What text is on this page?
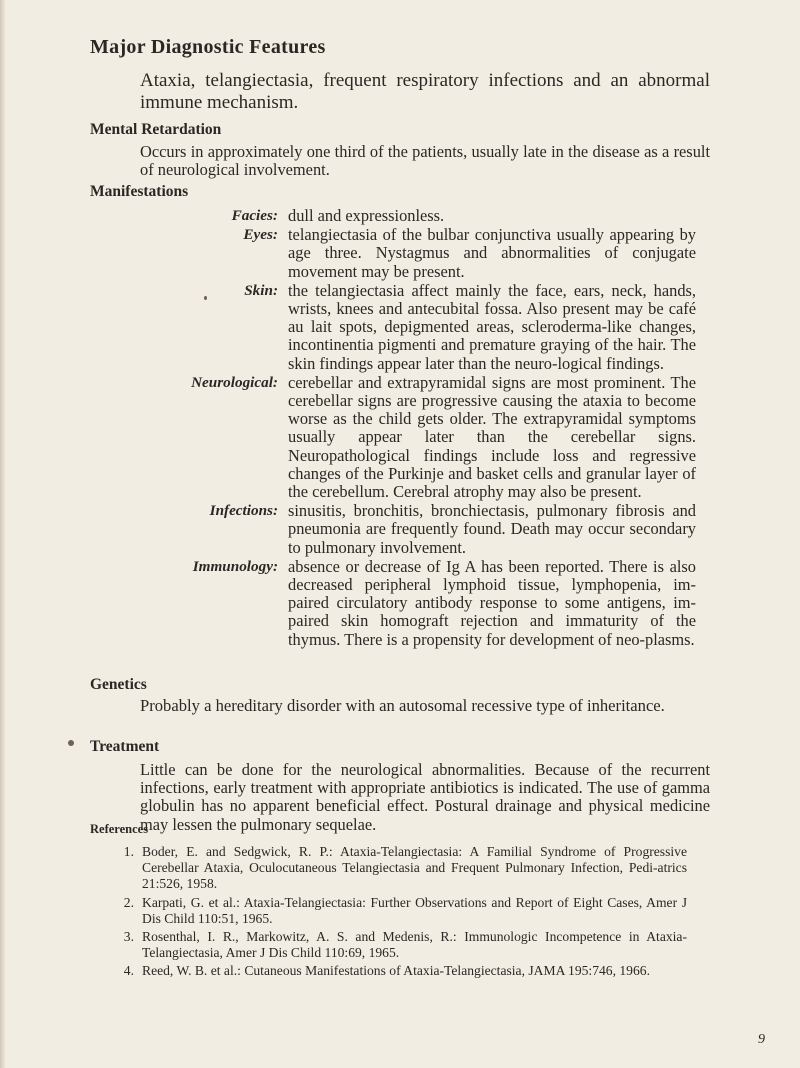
Major Diagnostic Features

Ataxia, telangiectasia, frequent respiratory infections and an abnormal immune mechanism.

Mental Retardation

Occurs in approximately one third of the patients, usually late in the disease as a result of neurological involvement.

Manifestations
Facies: dull and expressionless.
Eyes: telangiectasia of the bulbar conjunctiva usually appearing by age three. Nystagmus and abnormalities of conjugate movement may be present.
Skin: the telangiectasia affect mainly the face, ears, neck, hands, wrists, knees and antecubital fossa. Also present may be café au lait spots, depigmented areas, scleroderma-like changes, incontinentia pigmenti and premature graying of the hair. The skin findings appear later than the neuro-logical findings.
Neurological: cerebellar and extrapyramidal signs are most prominent. The cerebellar signs are progressive causing the ataxia to become worse as the child gets older. The extrapyramidal symptoms usually appear later than the cerebellar signs. Neuropathological findings include loss and regressive changes of the Purkinje and basket cells and granular layer of the cerebellum. Cerebral atrophy may also be present.
Infections: sinusitis, bronchitis, bronchiectasis, pulmonary fibrosis and pneumonia are frequently found. Death may occur secondary to pulmonary involvement.
Immunology: absence or decrease of Ig A has been reported. There is also decreased peripheral lymphoid tissue, lymphopenia, im-paired circulatory antibody response to some antigens, im-paired skin homograft rejection and immaturity of the thymus. There is a propensity for development of neo-plasms.
Genetics

Probably a hereditary disorder with an autosomal recessive type of inheritance.

Treatment

Little can be done for the neurological abnormalities. Because of the recurrent infections, early treatment with appropriate antibiotics is indicated. The use of gamma globulin has no apparent beneficial effect. Postural drainage and physical medicine may lessen the pulmonary sequelae.

References
1. Boder, E. and Sedgwick, R. P.: Ataxia-Telangiectasia: A Familial Syndrome of Progressive Cerebellar Ataxia, Oculocutaneous Telangiectasia and Frequent Pulmonary Infection, Pedi-atrics 21:526, 1958.
2. Karpati, G. et al.: Ataxia-Telangiectasia: Further Observations and Report of Eight Cases, Amer J Dis Child 110:51, 1965.
3. Rosenthal, I. R., Markowitz, A. S. and Medenis, R.: Immunologic Incompetence in Ataxia-Telangiectasia, Amer J Dis Child 110:69, 1965.
4. Reed, W. B. et al.: Cutaneous Manifestations of Ataxia-Telangiectasia, JAMA 195:746, 1966.
9
